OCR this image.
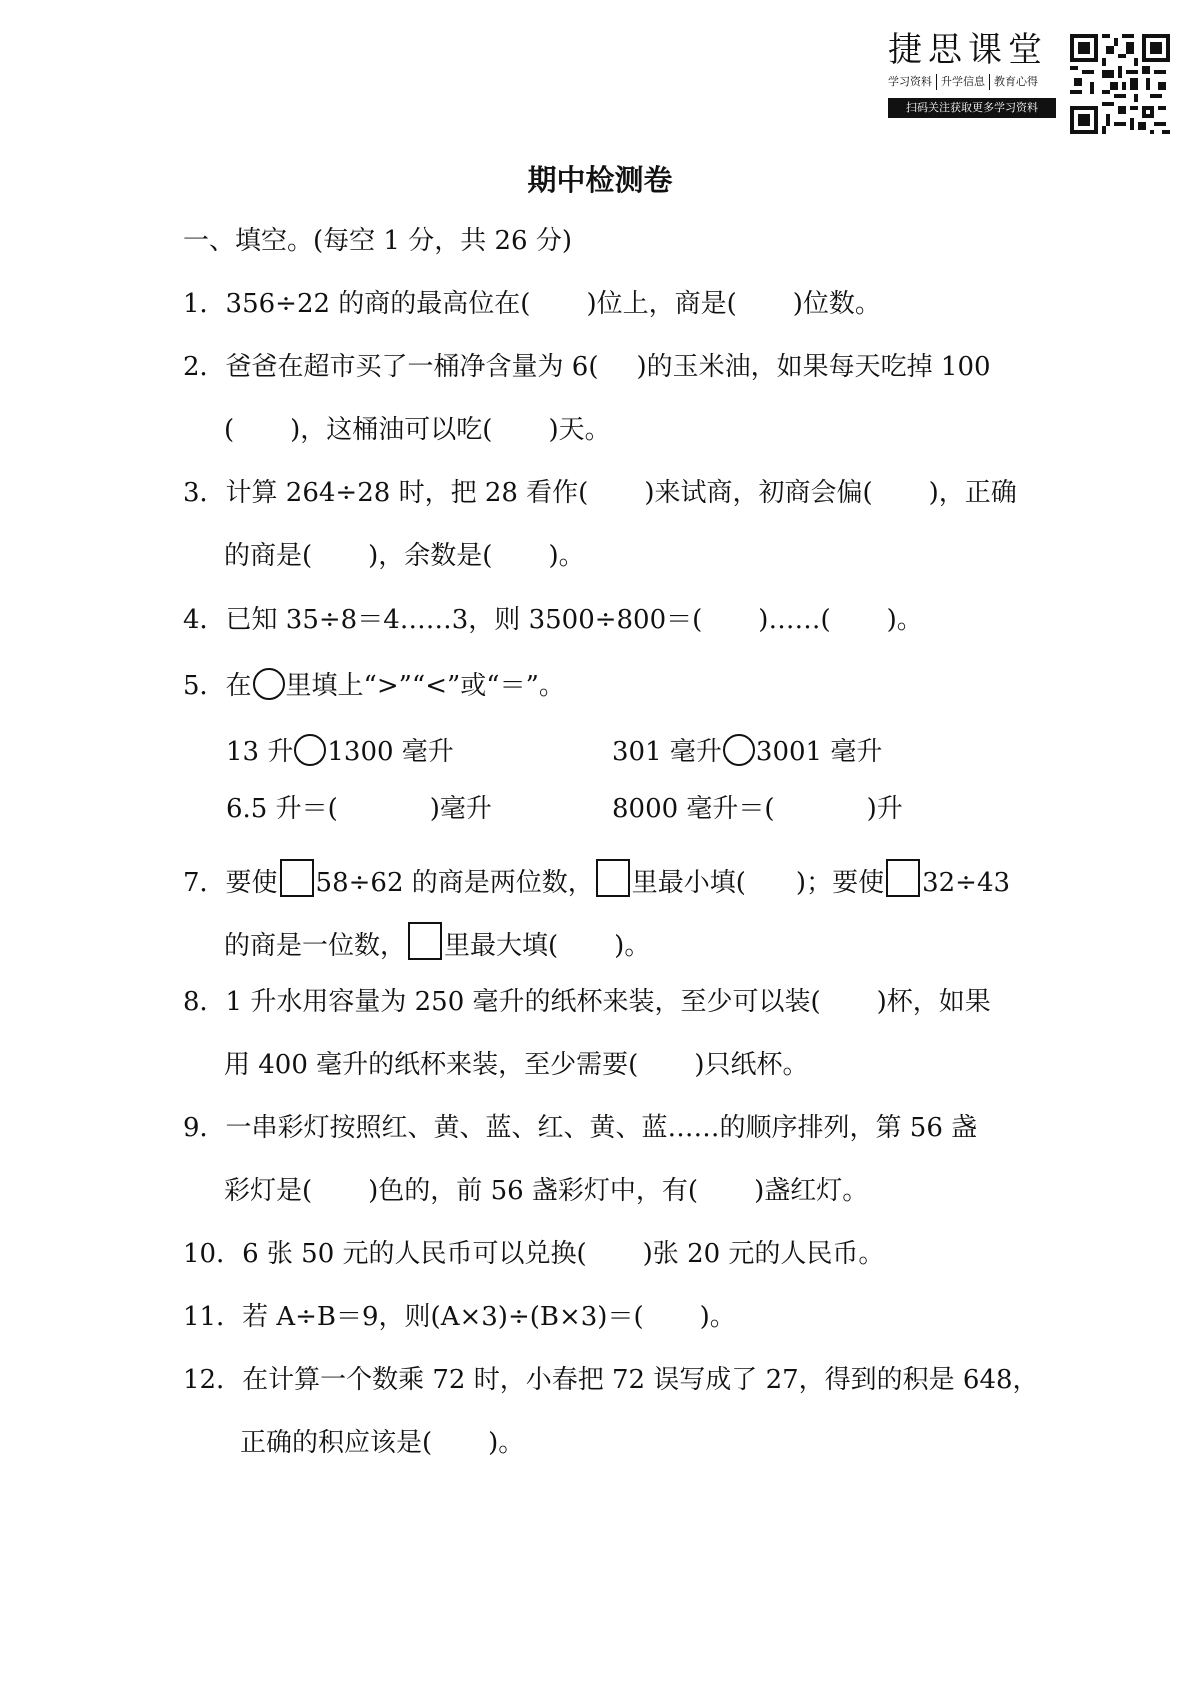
捷思课堂
学习资料 升学信息 教育心得
扫码关注获取更多学习资料
期中检测卷
一、填空。(每空 1 分，共 26 分)
1．356÷22 的商的最高位在( )位上，商是( )位数。
2．爸爸在超市买了一桶净含量为 6( )的玉米油，如果每天吃掉 100
( )，这桶油可以吃( )天。
3．计算 264÷28 时，把 28 看作( )来试商，初商会偏( )，正确
的商是( )，余数是( )。
4．已知 35÷8＝4……3，则 3500÷800＝( )……( )。
5．在 里填上“>”“<”或“＝”。
13 升 1300 毫升	301 毫升 3001 毫升
6.5 升＝(	)毫升	8000 毫升＝(	)升
7．要使 58÷62 的商是两位数， 里最小填( )；要使 32÷43
的商是一位数， 里最大填( )。
8．1 升水用容量为 250 毫升的纸杯来装，至少可以装( )杯，如果
用 400 毫升的纸杯来装，至少需要( )只纸杯。
9．一串彩灯按照红、黄、蓝、红、黄、蓝……的顺序排列，第 56 盏
彩灯是( )色的，前 56 盏彩灯中，有( )盏红灯。
10．6 张 50 元的人民币可以兑换( )张 20 元的人民币。
11．若 A÷B＝9，则(A×3)÷(B×3)＝( )。
12．在计算一个数乘 72 时，小春把 72 误写成了 27，得到的积是 648，
正确的积应该是( )。
